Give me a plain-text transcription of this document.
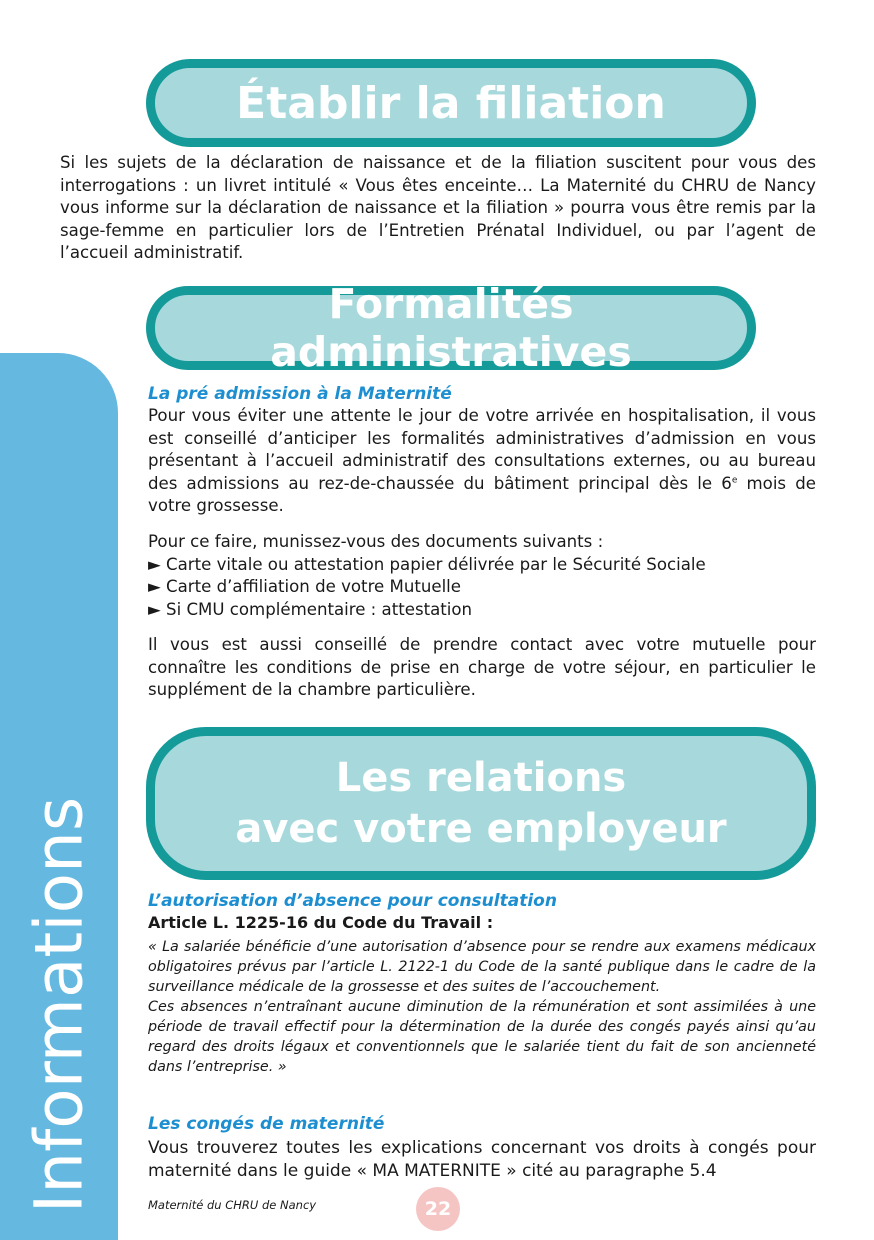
Informations
Établir la filiation
Si les sujets de la déclaration de naissance et de la filiation suscitent pour vous des interrogations : un livret intitulé « Vous êtes enceinte… La Maternité du CHRU de Nancy vous informe sur la déclaration de naissance et la filiation » pourra vous être remis par la sage-femme en particulier lors de l’Entretien Prénatal Individuel, ou par l’agent de l’accueil administratif.
Formalités administratives
La pré admission à la Maternité
Pour vous éviter une attente le jour de votre arrivée en hospitalisation, il vous est conseillé d’anticiper les formalités administratives d’admission en vous présentant à l’accueil administratif des consultations externes, ou au bureau des admissions au rez-de-chaussée du bâtiment principal dès le 6e mois de votre grossesse.
Pour ce faire, munissez-vous des documents suivants :
► Carte vitale ou attestation papier délivrée par le Sécurité Sociale
► Carte d’affiliation de votre Mutuelle
► Si CMU complémentaire : attestation
Il vous est aussi conseillé de prendre contact avec votre mutuelle pour connaître les conditions de prise en charge de votre séjour, en particulier le supplément de la chambre particulière.
Les relations
avec votre employeur
L’autorisation d’absence pour consultation
Article L. 1225-16 du Code du Travail :
« La salariée bénéficie d’une autorisation d’absence pour se rendre aux examens médicaux obligatoires prévus par l’article L. 2122-1 du Code de la santé publique dans le cadre de la surveillance médicale de la grossesse et des suites de l’accouchement.
Ces absences n’entraînant aucune diminution de la rémunération et sont assimilées à une période de travail effectif pour la détermination de la durée des congés payés ainsi qu’au regard des droits légaux et conventionnels que le salariée tient du fait de son ancienneté dans l’entreprise. »
Les congés de maternité
Vous trouverez toutes les explications concernant vos droits à congés pour maternité dans le guide « MA MATERNITE » cité au paragraphe 5.4
Maternité du CHRU de Nancy	22
